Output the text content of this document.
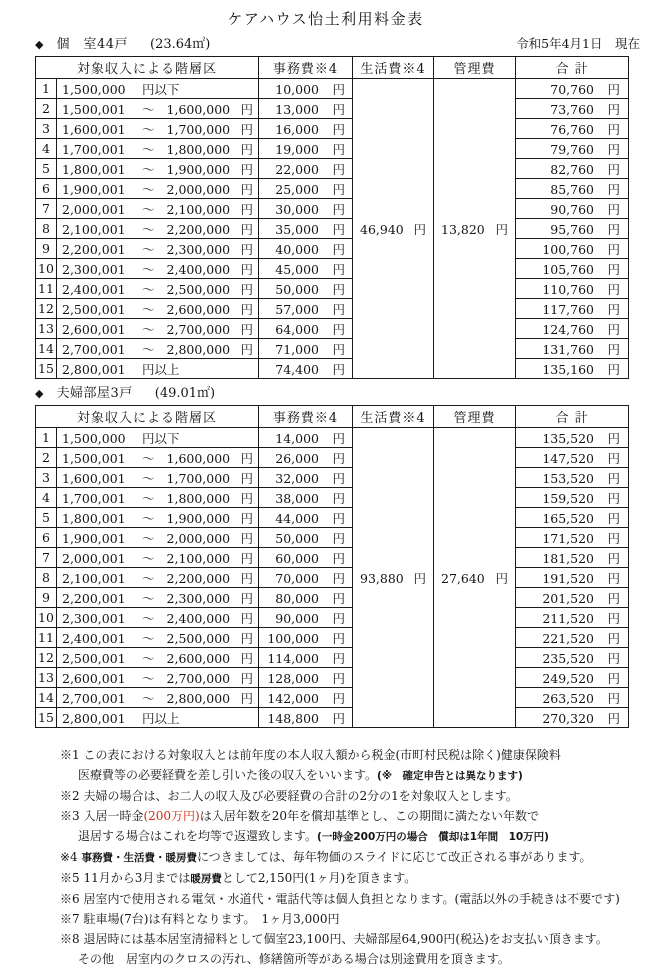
ケアハウス怡土利用料金表
◆ 個　室44戸 (23.64㎡)	令和5年4月1日　現在
対象収入による階層区		事務費※4	生活費※4	管理費	合 計
1	1,500,000 円以下	10,000 円	46,940 円	13,820 円	70,760 円

2	1,500,001 ～ 1,600,000 円	13,000 円			73,760 円

3	1,600,001 ～ 1,700,000 円	16,000 円			76,760 円

4	1,700,001 ～ 1,800,000 円	19,000 円			79,760 円

5	1,800,001 ～ 1,900,000 円	22,000 円			82,760 円

6	1,900,001 ～ 2,000,000 円	25,000 円			85,760 円

7	2,000,001 ～ 2,100,000 円	30,000 円			90,760 円

8	2,100,001 ～ 2,200,000 円	35,000 円			95,760 円

9	2,200,001 ～ 2,300,000 円	40,000 円			100,760 円

10	2,300,001 ～ 2,400,000 円	45,000 円			105,760 円

11	2,400,001 ～ 2,500,000 円	50,000 円			110,760 円

12	2,500,001 ～ 2,600,000 円	57,000 円			117,760 円

13	2,600,001 ～ 2,700,000 円	64,000 円			124,760 円

14	2,700,001 ～ 2,800,000 円	71,000 円			131,760 円

15	2,800,001 円以上	74,400 円			135,160 円
◆ 夫婦部屋3戸 (49.01㎡)
対象収入による階層区		事務費※4	生活費※4	管理費	合 計
1	1,500,000 円以下	14,000 円	93,880 円	27,640 円	135,520 円

2	1,500,001 ～ 1,600,000 円	26,000 円			147,520 円

3	1,600,001 ～ 1,700,000 円	32,000 円			153,520 円

4	1,700,001 ～ 1,800,000 円	38,000 円			159,520 円

5	1,800,001 ～ 1,900,000 円	44,000 円			165,520 円

6	1,900,001 ～ 2,000,000 円	50,000 円			171,520 円

7	2,000,001 ～ 2,100,000 円	60,000 円			181,520 円

8	2,100,001 ～ 2,200,000 円	70,000 円			191,520 円

9	2,200,001 ～ 2,300,000 円	80,000 円			201,520 円

10	2,300,001 ～ 2,400,000 円	90,000 円			211,520 円

11	2,400,001 ～ 2,500,000 円	100,000 円			221,520 円

12	2,500,001 ～ 2,600,000 円	114,000 円			235,520 円

13	2,600,001 ～ 2,700,000 円	128,000 円			249,520 円

14	2,700,001 ～ 2,800,000 円	142,000 円			263,520 円

15	2,800,001 円以上	148,800 円			270,320 円
※1 この表における対象収入とは前年度の本人収入額から税金(市町村民税は除く)健康保険料
医療費等の必要経費を差し引いた後の収入をいいます。(※　確定申告とは異なります)
※2 夫婦の場合は、お二人の収入及び必要経費の合計の2分の1を対象収入とします。
※3 入居一時金(200万円)は入居年数を20年を償却基準とし、この期間に満たない年数で
退居する場合はこれを均等で返還致します。(一時金200万円の場合　償却は1年間　10万円)
※4 事務費・生活費・暖房費につきましては、毎年物価のスライドに応じて改正される事があります。
※5 11月から3月までは暖房費として2,150円(1ヶ月)を頂きます。
※6 居室内で使用される電気・水道代・電話代等は個人負担となります。(電話以外の手続きは不要です)
※7 駐車場(7台)は有料となります。　1ヶ月3,000円
※8 退居時には基本居室清掃料として個室23,100円、夫婦部屋64,900円(税込)をお支払い頂きます。
その他　居室内のクロスの汚れ、修繕箇所等がある場合は別途費用を頂きます。
